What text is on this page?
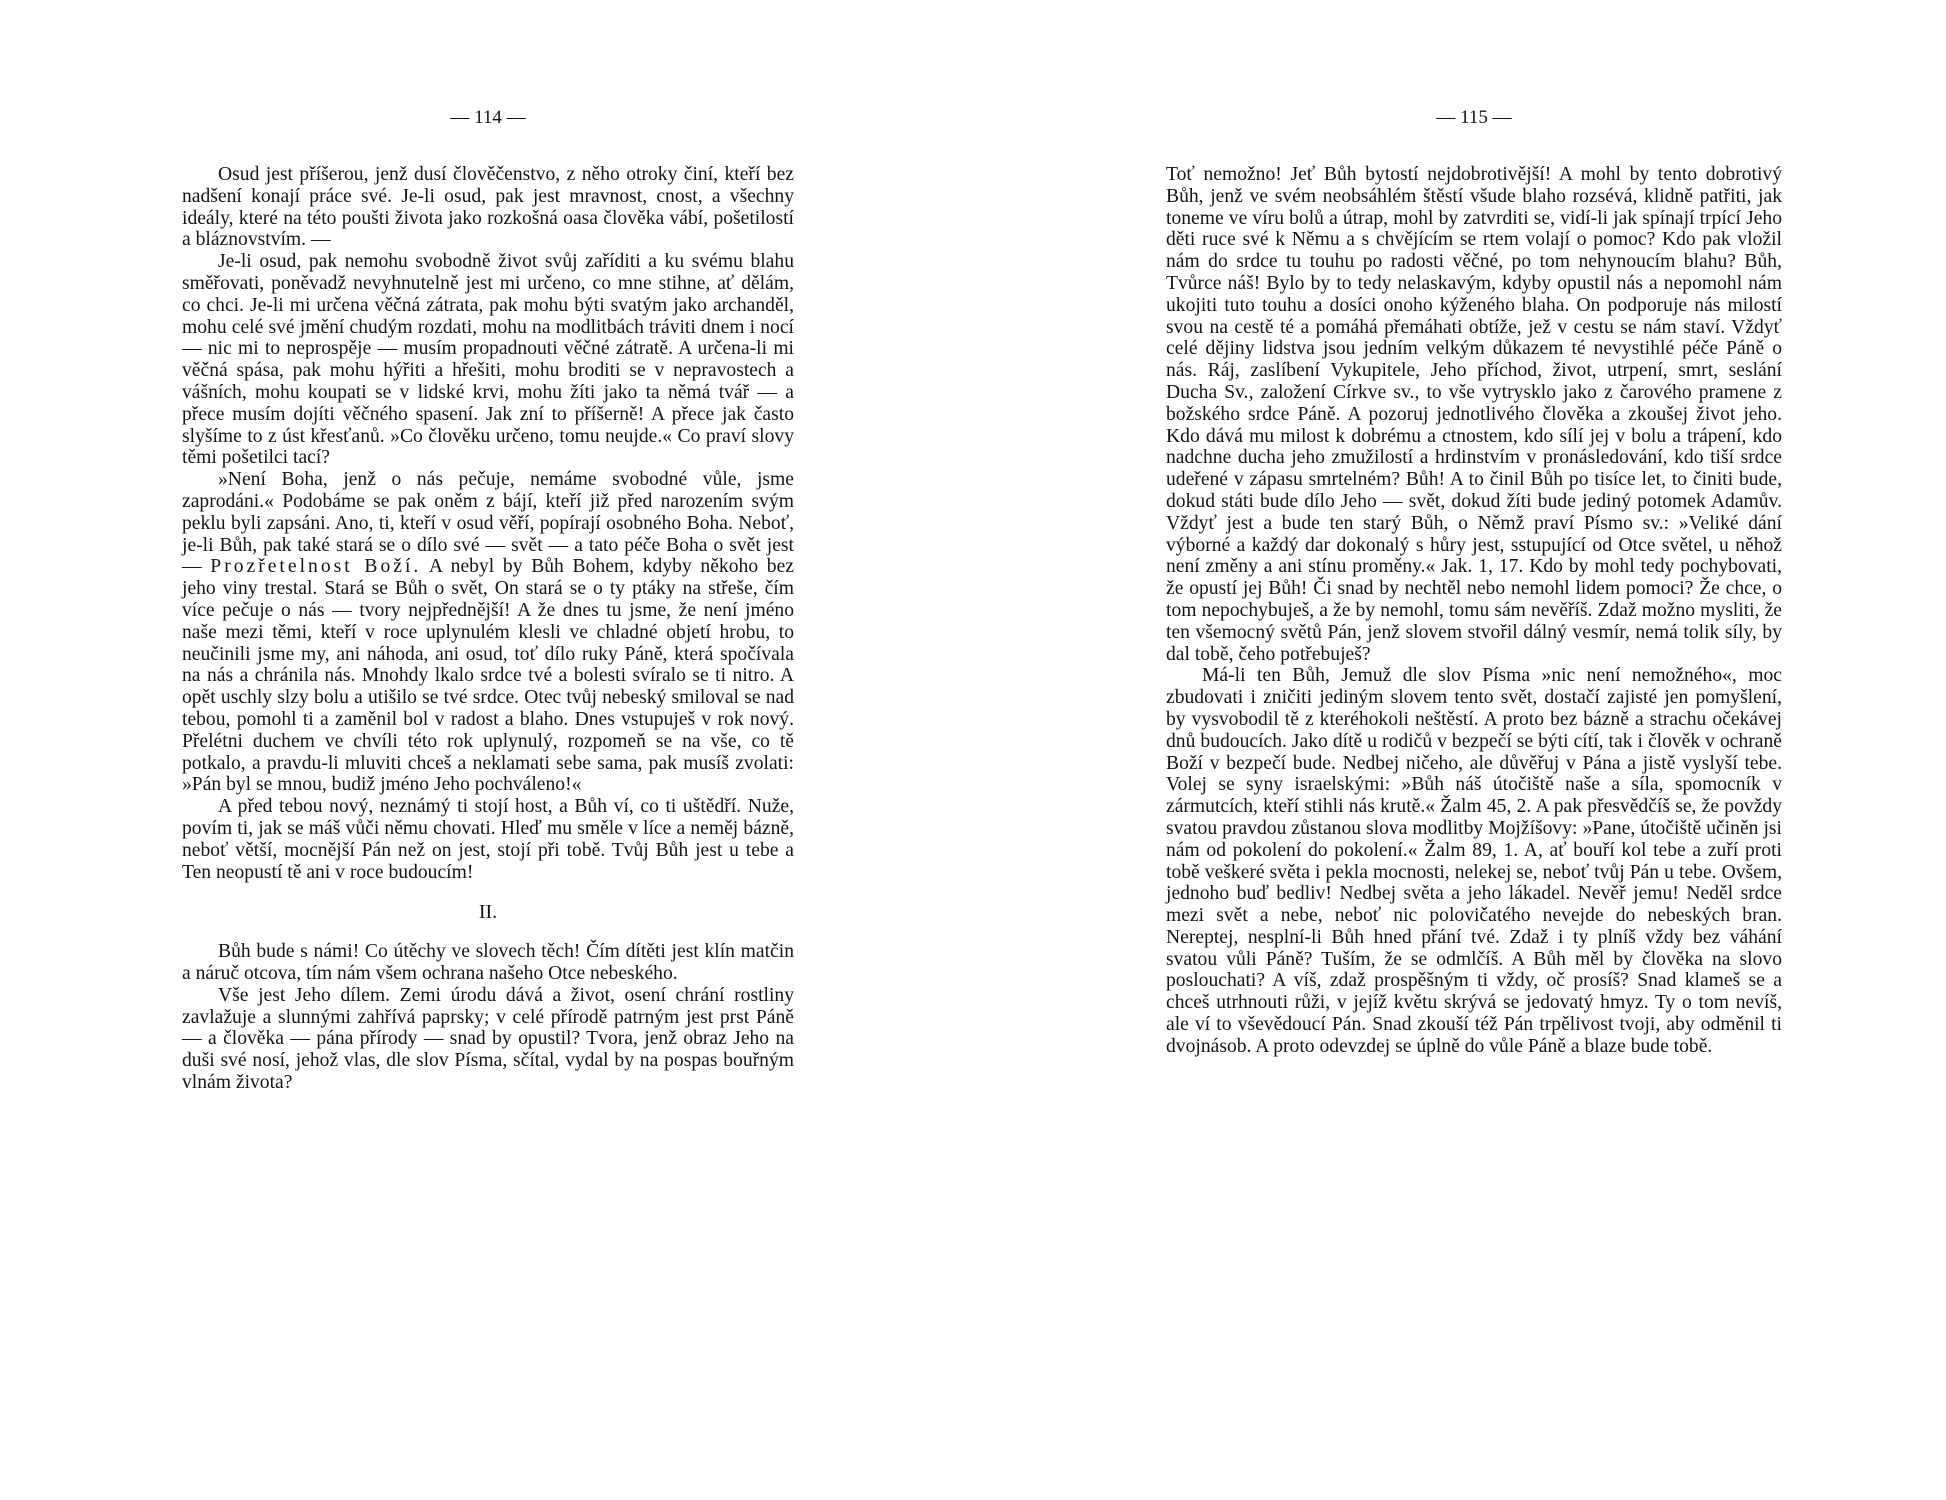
— 114 —

Osud jest příšerou, jenž dusí člověčenstvo, z něho otroky činí, kteří bez nadšení konají práce své. Je-li osud, pak jest mravnost, cnost, a všechny ideály, které na této poušti života jako rozkošná oasa člověka vábí, pošetilostí a bláznovstvím. —

Je-li osud, pak nemohu svobodně život svůj zaříditi a ku svému blahu směřovati, poněvadž nevyhnutelně jest mi určeno, co mne stihne, ať dělám, co chci. Je-li mi určena věčná zátrata, pak mohu býti svatým jako archanděl, mohu celé své jmění chudým rozdati, mohu na modlitbách tráviti dnem i nocí — nic mi to neprospěje — musím propadnouti věčné zátratě. A určena-li mi věčná spása, pak mohu hýřiti a hřešiti, mohu broditi se v nepravostech a vášních, mohu koupati se v lidské krvi, mohu žíti jako ta němá tvář — a přece musím dojíti věčného spasení. Jak zní to příšerně! A přece jak často slyšíme to z úst křesťanů. »Co člověku určeno, tomu neujde.« Co praví slovy těmi pošetilci tací?

»Není Boha, jenž o nás pečuje, nemáme svobodné vůle, jsme zaprodáni.« Podobáme se pak oněm z bájí, kteří již před narozením svým peklu byli zapsáni. Ano, ti, kteří v osud věří, popírají osobného Boha. Neboť, je-li Bůh, pak také stará se o dílo své — svět — a tato péče Boha o svět jest — Prozřetelnost Boží. A nebyl by Bůh Bohem, kdyby někoho bez jeho viny trestal. Stará se Bůh o svět, On stará se o ty ptáky na střeše, čím více pečuje o nás — tvory nejpřednější! A že dnes tu jsme, že není jméno naše mezi těmi, kteří v roce uplynulém klesli ve chladné objetí hrobu, to neučinili jsme my, ani náhoda, ani osud, toť dílo ruky Páně, která spočívala na nás a chránila nás. Mnohdy lkalo srdce tvé a bolesti svíralo se ti nitro. A opět uschly slzy bolu a utišilo se tvé srdce. Otec tvůj nebeský smiloval se nad tebou, pomohl ti a zaměnil bol v radost a blaho. Dnes vstupuješ v rok nový. Přelétni duchem ve chvíli této rok uplynulý, rozpomeň se na vše, co tě potkalo, a pravdu-li mluviti chceš a neklamati sebe sama, pak musíš zvolati: »Pán byl se mnou, budiž jméno Jeho pochváleno!«

A před tebou nový, neznámý ti stojí host, a Bůh ví, co ti uštědří. Nuže, povím ti, jak se máš vůči němu chovati. Hleď mu směle v líce a neměj bázně, neboť větší, mocnější Pán než on jest, stojí při tobě. Tvůj Bůh jest u tebe a Ten neopustí tě ani v roce budoucím!

II.

Bůh bude s námi! Co útěchy ve slovech těch! Čím dítěti jest klín matčin a náruč otcova, tím nám všem ochrana našeho Otce nebeského.

Vše jest Jeho dílem. Zemi úrodu dává a život, osení chrání rostliny zavlažuje a slunnými zahřívá paprsky; v celé přírodě patrným jest prst Páně — a člověka — pána přírody — snad by opustil? Tvora, jenž obraz Jeho na duši své nosí, jehož vlas, dle slov Písma, sčítal, vydal by na pospas bouřným vlnám života?

— 115 —

Toť nemožno! Jeť Bůh bytostí nejdobrotivější! A mohl by tento dobrotivý Bůh, jenž ve svém neobsáhlém štěstí všude blaho rozsévá, klidně patřiti, jak toneme ve víru bolů a útrap, mohl by zatvrditi se, vidí-li jak spínají trpící Jeho děti ruce své k Němu a s chvějícím se rtem volají o pomoc? Kdo pak vložil nám do srdce tu touhu po radosti věčné, po tom nehynoucím blahu? Bůh, Tvůrce náš! Bylo by to tedy nelaskavým, kdyby opustil nás a nepomohl nám ukojiti tuto touhu a dosíci onoho kýženého blaha. On podporuje nás milostí svou na cestě té a pomáhá přemáhati obtíže, jež v cestu se nám staví. Vždyť celé dějiny lidstva jsou jedním velkým důkazem té nevystihlé péče Páně o nás. Ráj, zaslíbení Vykupitele, Jeho příchod, život, utrpení, smrt, seslání Ducha Sv., založení Církve sv., to vše vytrysklo jako z čarového pramene z božského srdce Páně. A pozoruj jednotlivého člověka a zkoušej život jeho. Kdo dává mu milost k dobrému a ctnostem, kdo sílí jej v bolu a trápení, kdo nadchne ducha jeho zmužilostí a hrdinstvím v pronásledování, kdo tiší srdce udeřené v zápasu smrtelném? Bůh! A to činil Bůh po tisíce let, to činiti bude, dokud státi bude dílo Jeho — svět, dokud žíti bude jediný potomek Adamův. Vždyť jest a bude ten starý Bůh, o Němž praví Písmo sv.: »Veliké dání výborné a každý dar dokonalý s hůry jest, sstupující od Otce světel, u něhož není změny a ani stínu proměny.« Jak. 1, 17. Kdo by mohl tedy pochybovati, že opustí jej Bůh! Či snad by nechtěl nebo nemohl lidem pomoci? Že chce, o tom nepochybuješ, a že by nemohl, tomu sám nevěříš. Zdaž možno mysliti, že ten všemocný světů Pán, jenž slovem stvořil dálný vesmír, nemá tolik síly, by dal tobě, čeho potřebuješ?

Má-li ten Bůh, Jemuž dle slov Písma »nic není nemožného«, moc zbudovati i zničiti jediným slovem tento svět, dostačí zajisté jen pomyšlení, by vysvobodil tě z kteréhokoli neštěstí. A proto bez bázně a strachu očekávej dnů budoucích. Jako dítě u rodičů v bezpečí se býti cítí, tak i člověk v ochraně Boží v bezpečí bude. Nedbej ničeho, ale důvěřuj v Pána a jistě vyslyší tebe. Volej se syny israelskými: »Bůh náš útočiště naše a síla, spomocník v zármutcích, kteří stihli nás krutě.« Žalm 45, 2. A pak přesvědčíš se, že povždy svatou pravdou zůstanou slova modlitby Mojžíšovy: »Pane, útočiště učiněn jsi nám od pokolení do pokolení.« Žalm 89, 1. A, ať bouří kol tebe a zuří proti tobě veškeré světa i pekla mocnosti, nelekej se, neboť tvůj Pán u tebe. Ovšem, jednoho buď bedliv! Nedbej světa a jeho lákadel. Nevěř jemu! Neděl srdce mezi svět a nebe, neboť nic polovičatého nevejde do nebeských bran. Nereptej, nesplní-li Bůh hned přání tvé. Zdaž i ty plníš vždy bez váhání svatou vůli Páně? Tuším, že se odmlčíš. A Bůh měl by člověka na slovo poslouchati? A víš, zdaž prospěšným ti vždy, oč prosíš? Snad klameš se a chceš utrhnouti růži, v jejíž květu skrývá se jedovatý hmyz. Ty o tom nevíš, ale ví to vševědoucí Pán. Snad zkouší též Pán trpělivost tvoji, aby odměnil ti dvojnásob. A proto odevzdej se úplně do vůle Páně a blaze bude tobě.
